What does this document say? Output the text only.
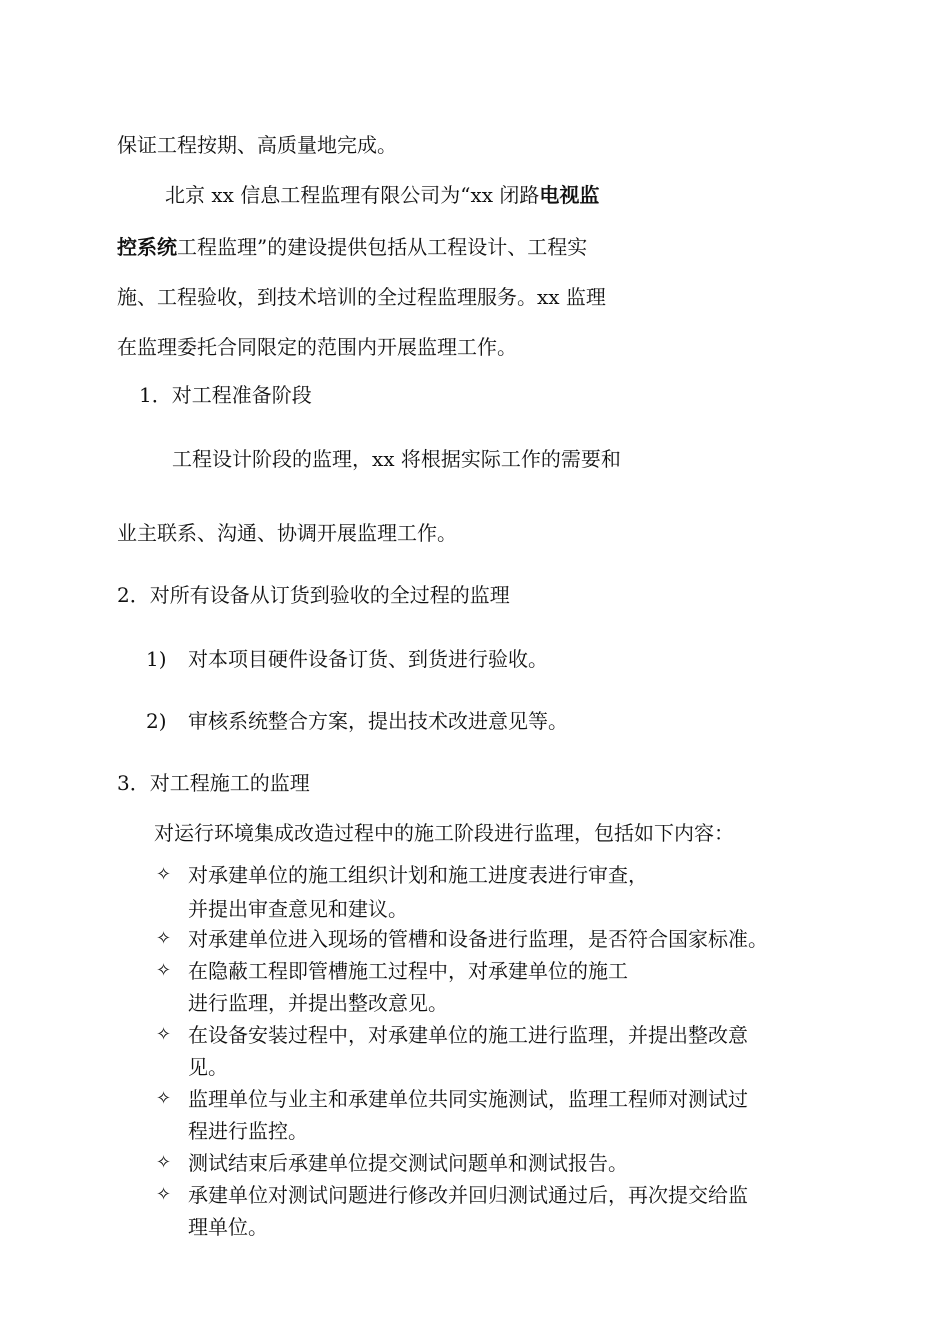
保证工程按期、高质量地完成。
北京 xx 信息工程监理有限公司为“xx 闭路电视监
控系统工程监理”的建设提供包括从工程设计、工程实
施、工程验收，到技术培训的全过程监理服务。xx 监理
在监理委托合同限定的范围内开展监理工作。
1．对工程准备阶段
工程设计阶段的监理，xx 将根据实际工作的需要和
业主联系、沟通、协调开展监理工作。
2．对所有设备从订货到验收的全过程的监理
1) 对本项目硬件设备订货、到货进行验收。
2) 审核系统整合方案，提出技术改进意见等。
3．对工程施工的监理
对运行环境集成改造过程中的施工阶段进行监理，包括如下内容：
✧ 对承建单位的施工组织计划和施工进度表进行审查，
并提出审查意见和建议。
✧ 对承建单位进入现场的管槽和设备进行监理，是否符合国家标准。
✧ 在隐蔽工程即管槽施工过程中，对承建单位的施工
进行监理，并提出整改意见。
✧ 在设备安装过程中，对承建单位的施工进行监理，并提出整改意
见。
✧ 监理单位与业主和承建单位共同实施测试，监理工程师对测试过
程进行监控。
✧ 测试结束后承建单位提交测试问题单和测试报告。
✧ 承建单位对测试问题进行修改并回归测试通过后，再次提交给监
理单位。
